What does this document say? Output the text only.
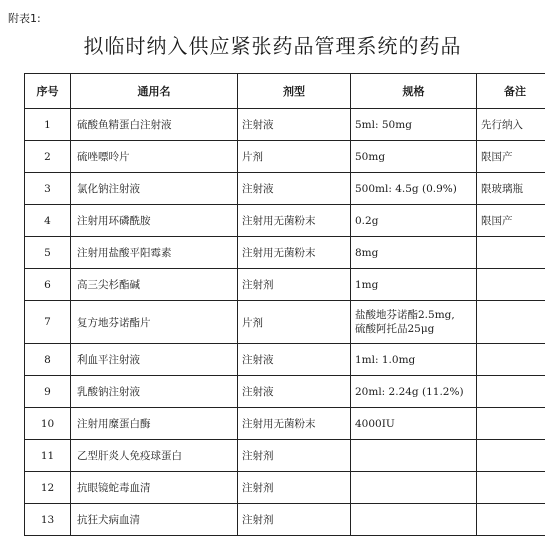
附表1:
拟临时纳入供应紧张药品管理系统的药品
序号	通用名	剂型	规格	备注
1	硫酸鱼精蛋白注射液	注射液	5ml: 50mg	先行纳入
2	硫唑嘌呤片	片剂	50mg	限国产
3	氯化钠注射液	注射液	500ml: 4.5g (0.9%)	限玻璃瓶
4	注射用环磷酰胺	注射用无菌粉末	0.2g	限国产
5	注射用盐酸平阳霉素	注射用无菌粉末	8mg	

6	高三尖杉酯碱	注射剂	1mg	

7	复方地芬诺酯片	片剂	盐酸地芬诺酯2.5mg,
硫酸阿托品25μg	

8	利血平注射液	注射液	1ml: 1.0mg	

9	乳酸钠注射液	注射液	20ml: 2.24g (11.2%)	

10	注射用糜蛋白酶	注射用无菌粉末	4000IU	

11	乙型肝炎人免疫球蛋白	注射剂	

12	抗眼镜蛇毒血清	注射剂	

13	抗狂犬病血清	注射剂	
